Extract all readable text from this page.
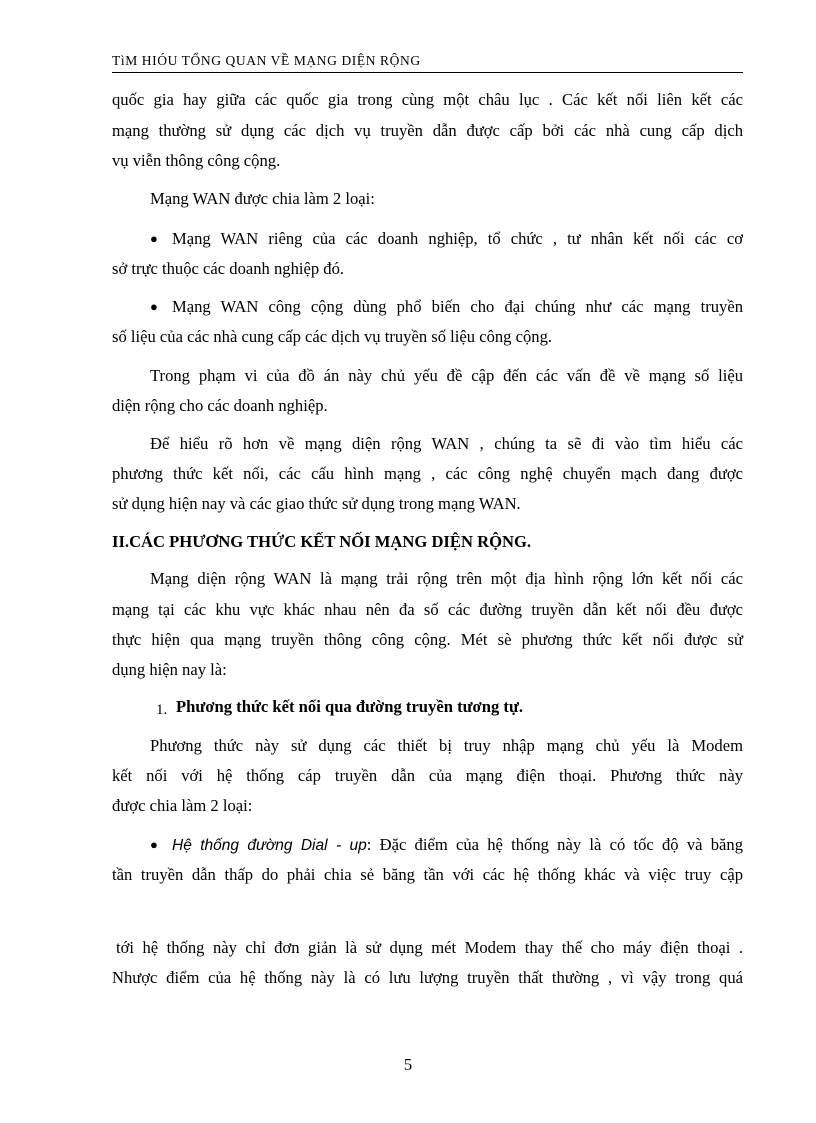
TìM HIÓU TỔNG QUAN VỀ MẠNG DIỆN RỘNG
quốc gia hay giữa các quốc gia trong cùng một châu lục . Các kết nối liên kết các
mạng thường sử dụng các dịch vụ truyền dẫn được cấp bởi các nhà cung cấp dịch
vụ viễn thông công cộng.
Mạng WAN được chia làm 2 loại:
● Mạng WAN riêng của các doanh nghiệp, tổ chức , tư nhân kết nối các cơ
sở trực thuộc các doanh nghiệp đó.
● Mạng WAN công cộng dùng phổ biến cho đại chúng như các mạng truyền
số liệu của các nhà cung cấp các dịch vụ truyền số liệu công cộng.
Trong phạm vi của đồ án này chủ yếu đề cập đến các vấn đề về mạng số liệu
diện rộng cho các doanh nghiệp.
Để hiểu rõ hơn về mạng diện rộng WAN , chúng ta sẽ đi vào tìm hiểu các
phương thức kết nối, các cấu hình mạng , các công nghệ chuyển mạch đang được
sử dụng hiện nay và các giao thức sử dụng trong mạng WAN.
II.CÁC PHƯƠNG THỨC KẾT NỐI MẠNG DIỆN RỘNG.
Mạng diện rộng WAN là mạng trải rộng trên một địa hình rộng lớn kết nối các
mạng tại các khu vực khác nhau nên đa số các đường truyền dẫn kết nối đều được
thực hiện qua mạng truyền thông công cộng. Mét sè phương thức kết nối được sử
dụng hiện nay là:
1. Phương thức kết nối qua đường truyền tương tự.
Phương thức này sử dụng các thiết bị truy nhập mạng chủ yếu là Modem
kết nối với hệ thống cáp truyền dẫn của mạng điện thoại. Phương thức này
được chia làm 2 loại:
● Hệ thống đường Dial - up: Đặc điểm của hệ thống này là có tốc độ và băng
tần truyền dẫn thấp do phải chia sẻ băng tần với các hệ thống khác và việc truy cập
tới hệ thống này chỉ đơn giản là sử dụng mét Modem thay thế cho máy điện thoại .
Nhược điểm của hệ thống này là có lưu lượng truyền thất thường , vì vậy trong quá
5
